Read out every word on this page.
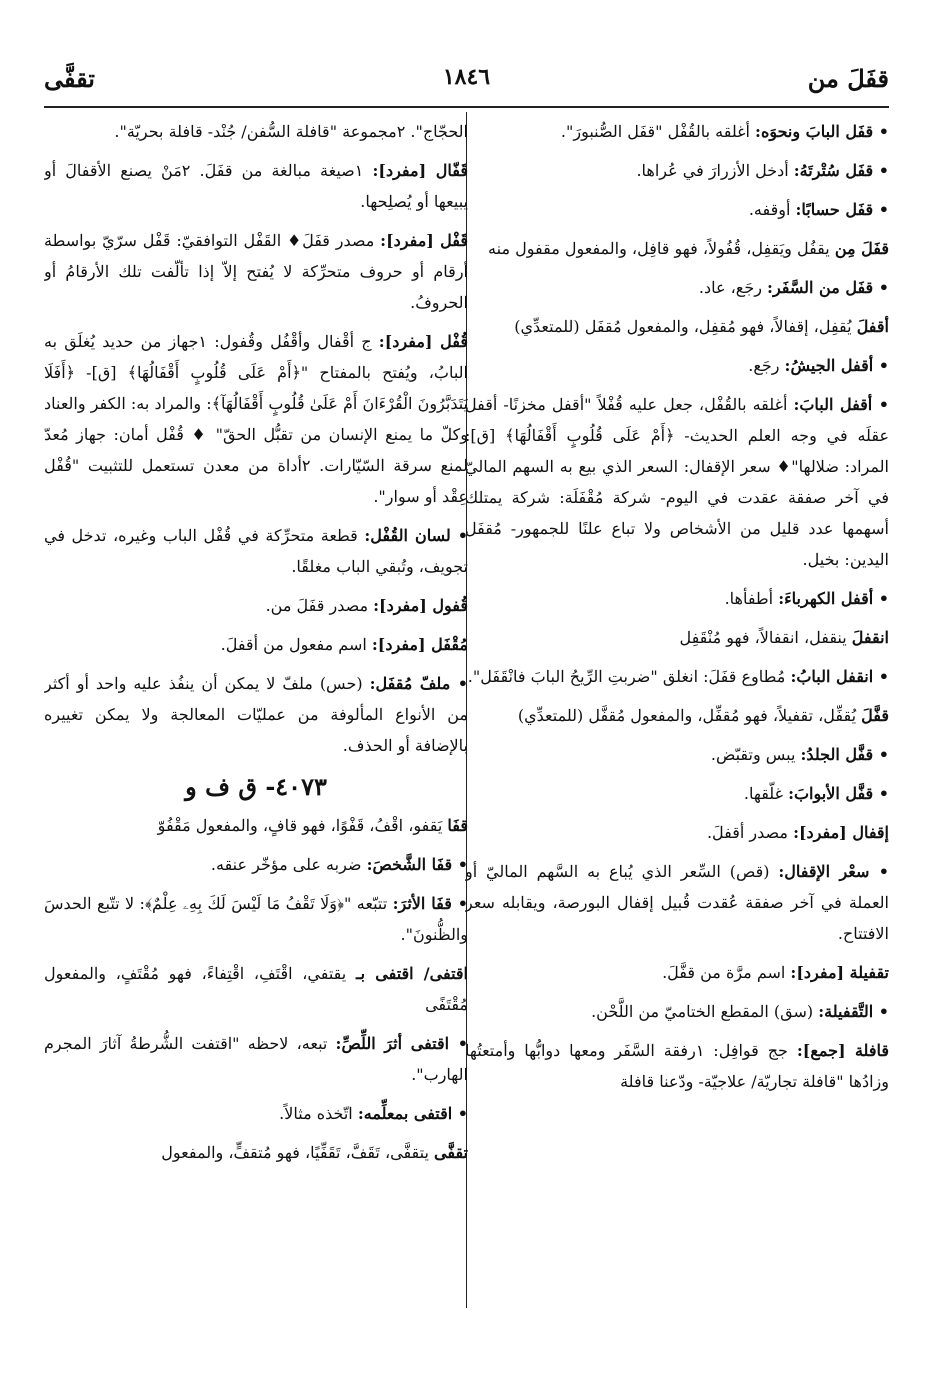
قفَلَ من
١٨٤٦
تقفَّى

• قفَل البابَ ونحوَه: أغلقه بالقُفْل "قفَل الصُّنبورَ".

• قفَل سُتْرتَهُ: أدخل الأزرارَ في عُراها.

• قفَل حسابًا: أوقفه.

قفَلَ مِن يقفُل ويَقفِل، قُفُولاً، فهو قافِل، والمفعول مقفول منه

• قفَل من السَّفَر: رجَع، عاد.

أقفلَ يُقفِل، إقفالاً، فهو مُقفِل، والمفعول مُقفَل (للمتعدِّي)

• أقفل الجيشُ: رجَع.

• أقفل البابَ: أغلقه بالقُفْل، جعل عليه قُفْلاً "أقفل مخزنًا- أقفل عقلَه في وجه العلم الحديث- ﴿أَمْ عَلَى قُلُوبٍ أَقْفَالُهَا﴾ [ق]: المراد: ضلالها"♦ سعر الإقفال: السعر الذي بيع به السهم الماليّ في آخر صفقة عقدت في اليوم- شركة مُقْفَلَة: شركة يمتلك أسهمها عدد قليل من الأشخاص ولا تباع علنًا للجمهور- مُقفَل اليدين: بخيل.

• أقفل الكهرباءَ: أطفأها.

انقفلَ ينقفل، انقفالاً، فهو مُنْقَفِل

• انقفل البابُ: مُطاوع قفَلَ: انغلق "ضربتِ الرِّيحُ البابَ فانْقَفَل".

قفَّلَ يُقفِّل، تقفيلاً، فهو مُقفِّل، والمفعول مُقفَّل (للمتعدِّي)

• قفَّل الجلدُ: يبس وتقبّض.

• قفَّل الأبوابَ: غلّقها.

إقفال [مفرد]: مصدر أقفلَ.

• سعْر الإقفال: (قص) السِّعر الذي يُباع به السَّهم الماليّ أو العملة في آخر صفقة عُقدت قُبيل إقفال البورصة، ويقابله سعر الافتتاح.

تقفيلة [مفرد]: اسم مرَّة من قفَّلَ.

• التَّقفيلة: (سق) المقطع الختاميّ من اللَّحْن.

قافلة [جمع]: جج قوافِل: ١رفقة السَّفَر ومعها دوابُّها وأمتعتُها وزادُها "قافلة تجاريّة/ علاجيّة- ودّعنا قافلة

الحجّاج". ٢مجموعة "قافلة السُّفن/ جُنْد- قافلة بحريّة".

قَفّال [مفرد]: ١صيغة مبالغة من قفَلَ. ٢مَنْ يصنع الأقفالَ أو يبيعها أو يُصلِحها.

قَفْل [مفرد]: مصدر قفَلَ♦ القَفْل التوافقيّ: قَفْل سرّيّ بواسطة أرقام أو حروف متحرِّكة لا يُفتح إلاّ إذا تألّفت تلك الأرقامُ أو الحروفُ.

قُفْل [مفرد]: ج أقْفال وأقْفُل وقُفول: ١جهاز من حديد يُغلَق به البابُ، ويُفتح بالمفتاح "﴿أَمْ عَلَى قُلُوبٍ أَقْفَالُهَا﴾ [ق]- ﴿أَفَلَا يَتَدَبَّرُونَ الْقُرْءَانَ أَمْ عَلَىٰ قُلُوبٍ أَقْفَالُهَآ﴾: والمراد به: الكفر والعناد وكلّ ما يمنع الإنسان من تقبُّل الحقّ" ♦ قُفْل أمان: جهاز مُعدّ لمنع سرقة السّيّارات. ٢أداة من معدن تستعمل للتثبيت "قُفْل عِقْد أو سوار".

• لسان القُفْل: قطعة متحرِّكة في قُفْل الباب وغيره، تدخل في تجويف، وتُبقي الباب مغلقًا.

قُفول [مفرد]: مصدر قفَلَ من.

مُقْفَل [مفرد]: اسم مفعول من أقفلَ.

• ملفّ مُقفَل: (حس) ملفّ لا يمكن أن ينفُذ عليه واحد أو أكثر من الأنواع المألوفة من عمليّات المعالجة ولا يمكن تغييره بالإضافة أو الحذف.

٤٠٧٣- ق ف و

قفَا يَقفو، اقْفُ، قَفْوًا، فهو قافٍ، والمفعول مَقْفُوّ

• قفَا الشَّخصَ: ضربه على مؤخّر عنقه.

• قفَا الأثرَ: تتبّعه "﴿وَلَا تَقْفُ مَا لَيْسَ لَكَ بِهِۦ عِلْمٌ﴾: لا تتّبع الحدسَ والظُّنونَ".

اقتفى/ اقتفى بـ يقتفي، اقْتَفِ، اقْتِفاءً، فهو مُقْتَفٍ، والمفعول مُقْتَفًى

• اقتفى أثرَ اللِّصِّ: تبعه، لاحظه "اقتفت الشُّرطةُ آثارَ المجرم الهارب".

• اقتفى بمعلِّمه: اتّخذه مثالاً.

تقفَّى يتقفَّى، تَقَفَّ، تَقَفِّيًا، فهو مُتقفٍّ، والمفعول
